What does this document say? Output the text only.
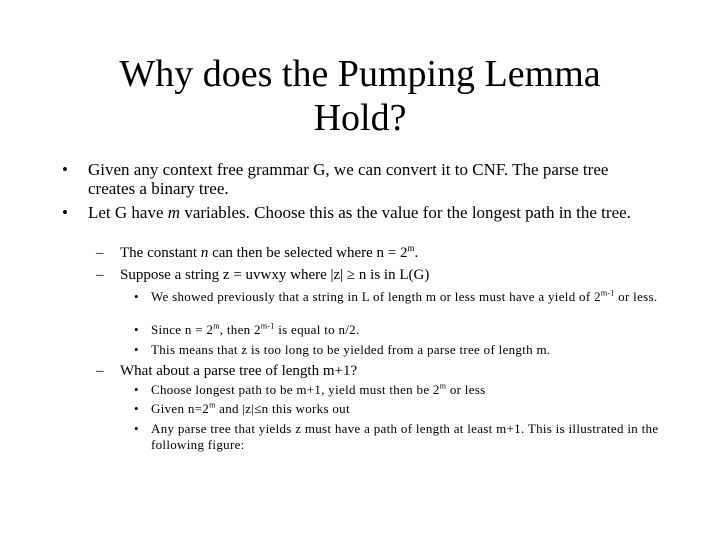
Why does the Pumping Lemma
Hold?
•	Given any context free grammar G, we can convert it to CNF. The parse tree creates a binary tree.
•	Let G have m variables. Choose this as the value for the longest path in the tree.
–	The constant n can then be selected where $n = 2^m$.
–	Suppose a string z = uvwxy where |z| ≥ n is in L(G)
• We showed previously that a string in L of length m or less must have a yield of 2$^{m-1}$ or less.
• Since $n = 2^m$, then 2$^{m-1}$ is equal to n/2.
• This means that z is too long to be yielded from a parse tree of length m.
–	What about a parse tree of length m+1?
• Choose longest path to be m+1, yield must then be 2$^m$ or less
• Given $n=2^m$ and |z|≤n this works out
• Any parse tree that yields z must have a path of length at least m+1. This is illustrated in the following figure:
